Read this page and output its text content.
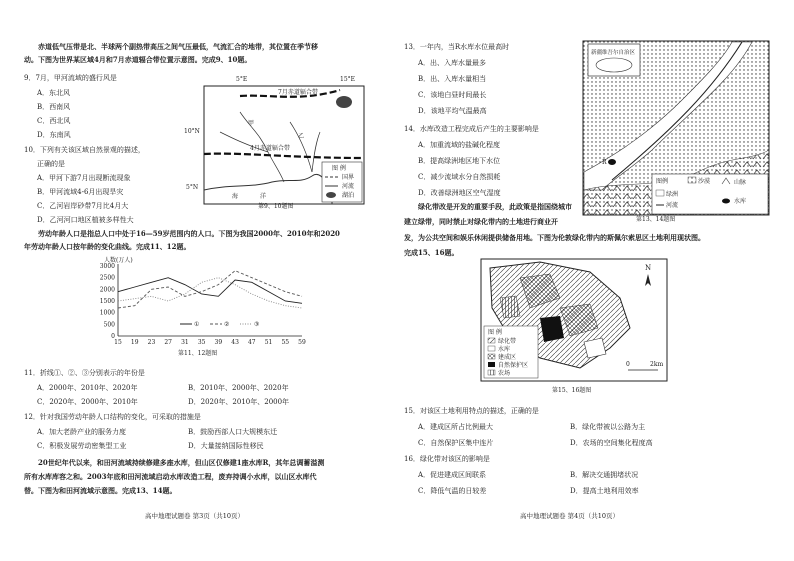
赤道低气压带是北、半球两个副热带高压之间气压最低，气流汇合的地带，其位置在季节移
动。下图为世界某区域4月和7月赤道辐合带位置示意图。完成9、10题。
9．7月，甲河流域的盛行风是
A．东北风
B．西南风
C．西北风
D．东南风
10．下列有关该区域自然景观的描述，
正确的是
A．甲河下游7月出现断流现象
B．甲河流域4-6月出现旱灾
C．乙河岩岸砂带7月比4月大
D．乙河河口地区植被多样性大
5°E	15°E
10°N
5°N
7月赤道辐合带
4月赤道辐合带
甲
乙
海	洋
图 例
国界
河流
湖泊
第9、10题图
劳动年龄人口是指总人口中处于16—59岁范围内的人口。下图为我国2000年、2010年和2020
年劳动年龄人口按年龄的变化曲线。完成11、12题。
人数(万人)
0
500
1000
1500
2000
2500
3000
15 19 23 27 31 35 39 43 47 51 55 59
①	②	③
第11、12题图
11．折线①、②、③分别表示的年份是
A．2000年、2010年、2020年	B．2010年、2000年、2020年
C．2020年、2000年、2010年	D．2020年、2010年、2000年
12．针对我国劳动年龄人口结构的变化，可采取的措施是
A．加大老龄产业的服务力度	B．鼓励西部人口大规模东迁
C．积极发展劳动密集型工业	D．大量接纳国际性移民
20世纪年代以来，和田河流域持续修建多座水库，但山区仅修建1座水库R，其年总调蓄溢测
所有水库库容之和。2003年底和田河流域启动水库改造工程，废弃持调小水库，以山区水库代
替。下图为和田河流域示意图。完成13、14题。
高中地理试题卷 第3页（共10页）
13．一年内，当R水库水位最高时
A．出、入库水量最多
B．出、入库水量相当
C．该地白昼时间最长
D．该地平均气温最高
14．水库改造工程完成后产生的主要影响是
A．加重流域的盐碱化程度
B．提高绿洲地区地下水位
C．减少流域水分自然损耗
D．改善绿洲地区空气湿度
新疆维吾尔自治区
R
图例	沙漠
绿洲
河流
山脉
水库
第13、14题图
绿化带改是开发的重要手段，此政策是指国绕城市
建立绿带，同时禁止对绿化带内的土地进行商业开
发，为公共空间和娱乐休闲提供储备用地。下图为伦敦绿化带内的斯佩尔索思区土地利用现状图。
完成15、16题。
N
图 例
绿化带
水库
建成区
自然保护区
农场
0	2km
第15、16题图
15．对该区土地利用特点的描述，正确的是
A．建成区所占比例最大	B．绿化带被以公路为主
C．自然保护区集中连片	D．农场的空间集化程度高
16．绿化带对该区的影响是
A．促进建成区间联系	B．解决交通拥堵状况
C．降低气温的日较差	D．提高土地利用效率
高中地理试题卷 第4页（共10页）
